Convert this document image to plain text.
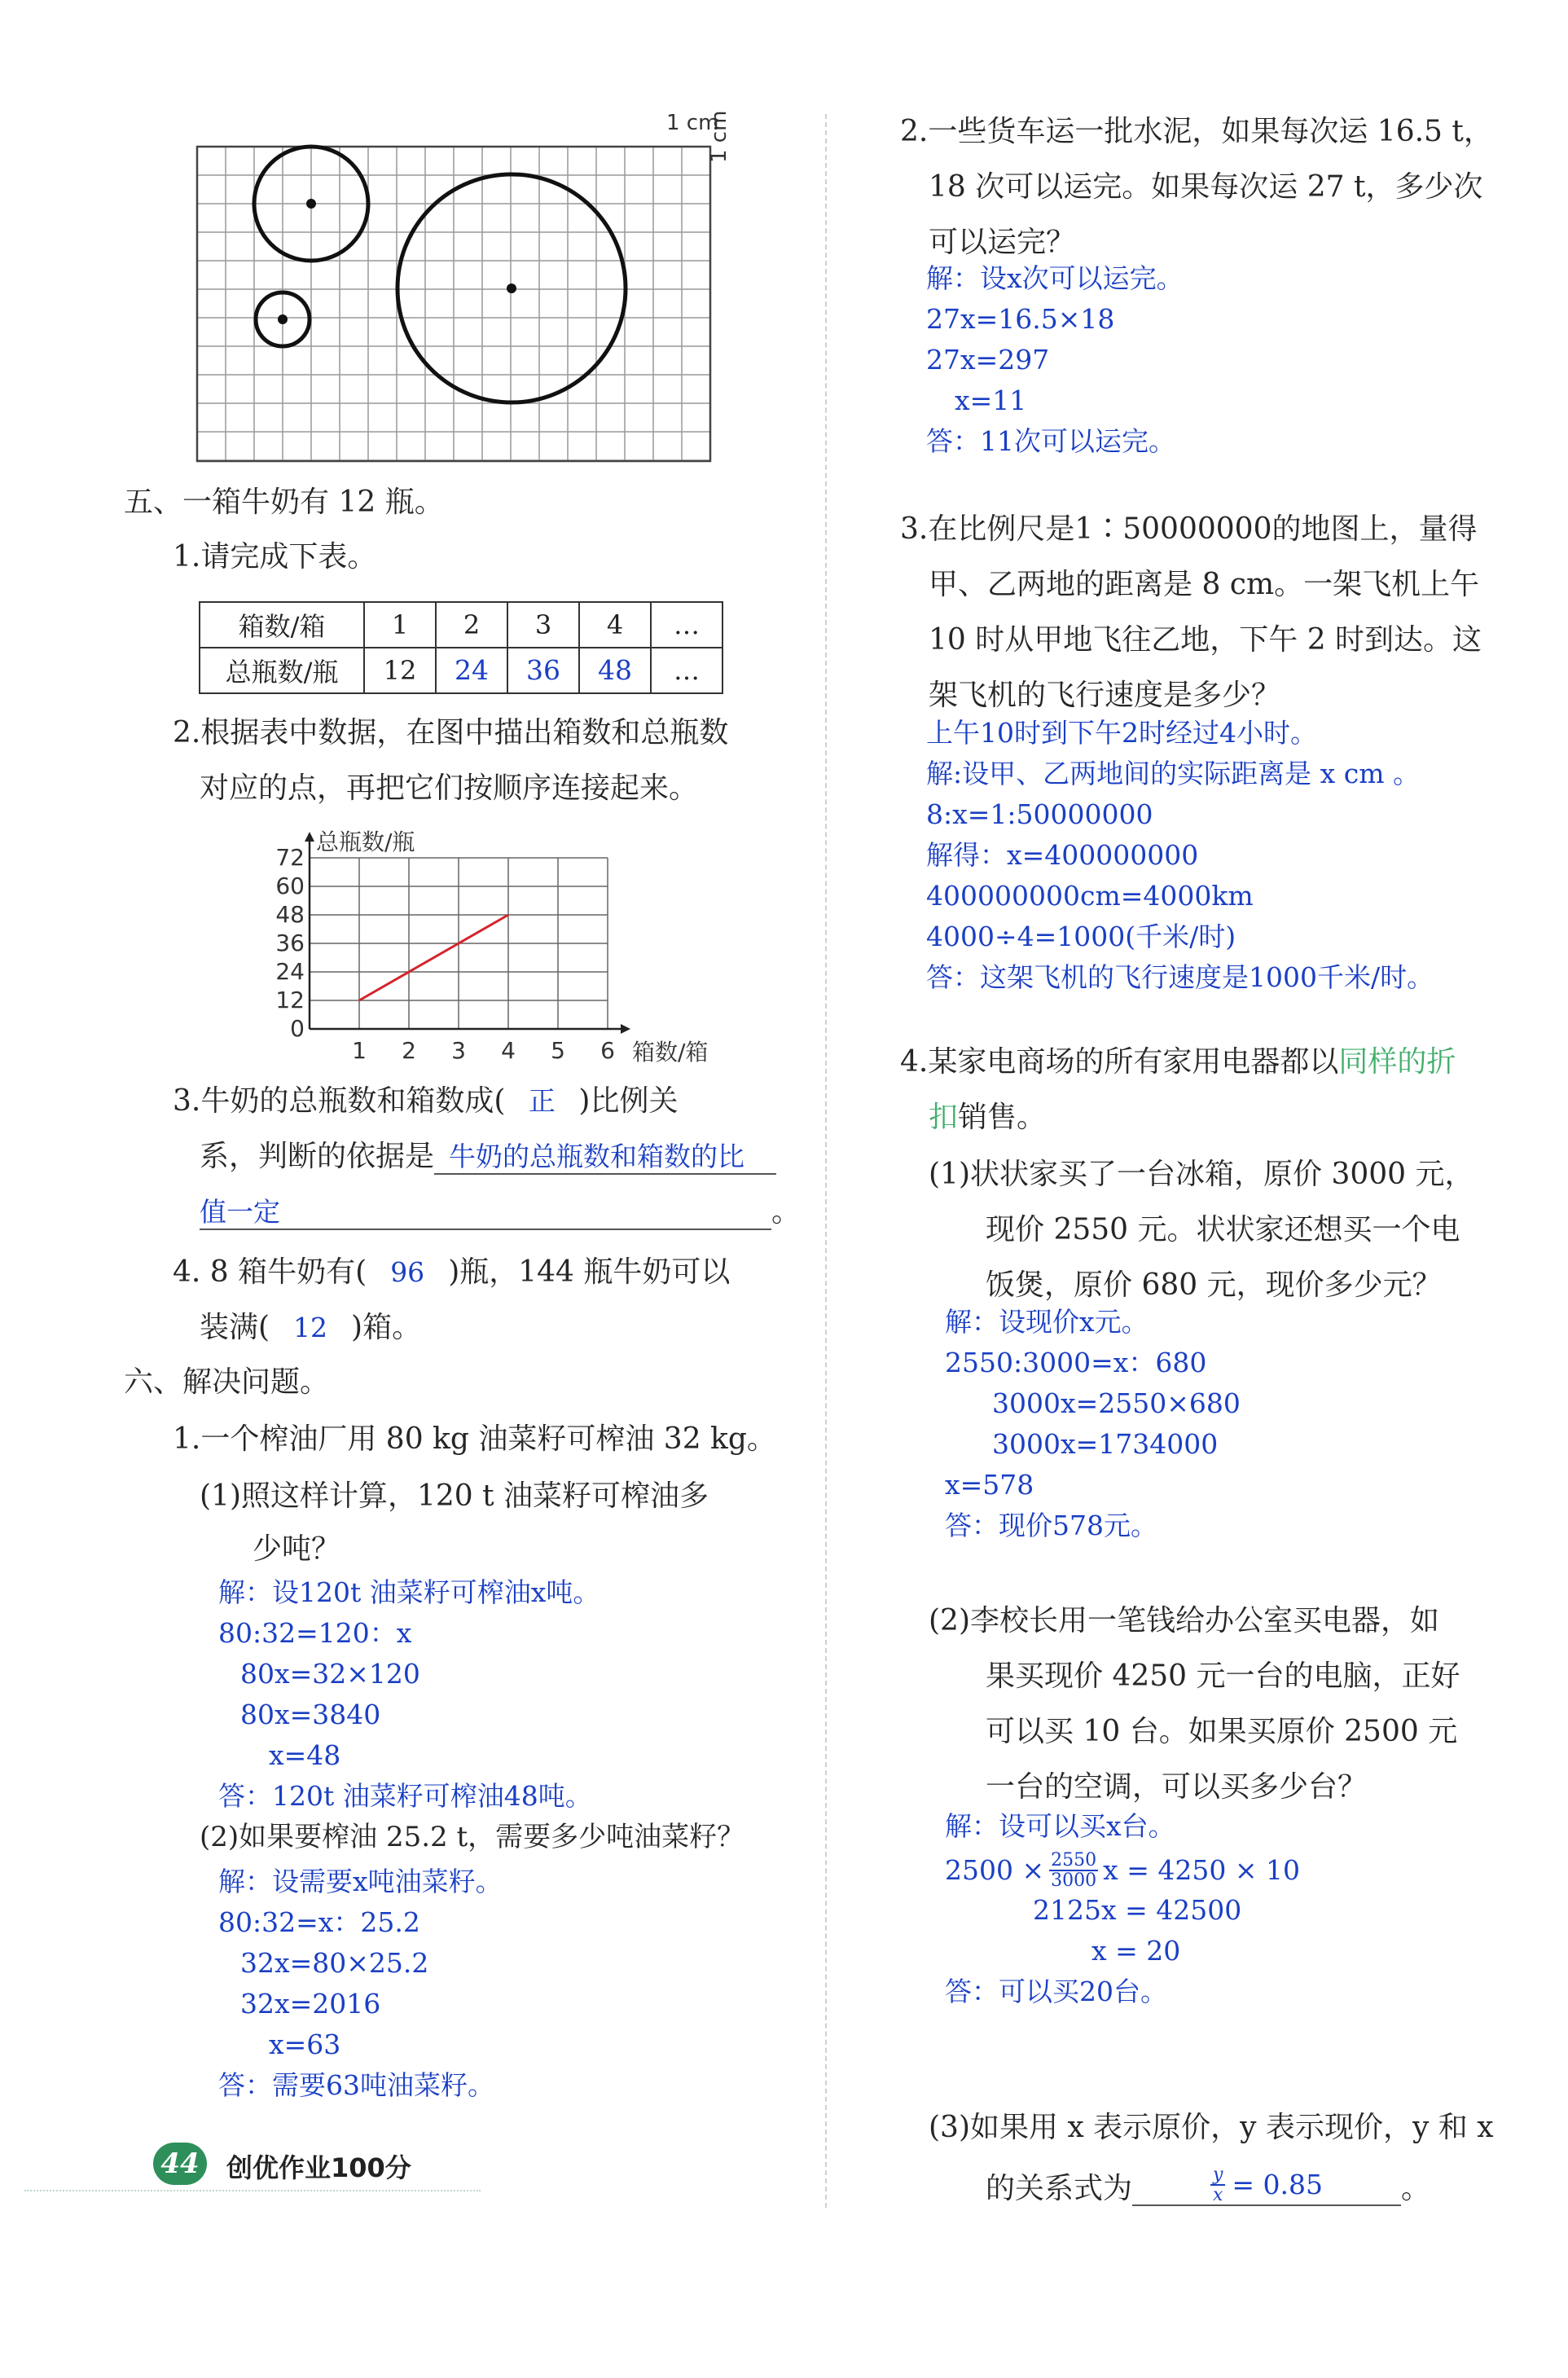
1 cm
1 cm
五、一箱牛奶有 12 瓶。
1.请完成下表。
箱数/箱	1	2	3	4	…
总瓶数/瓶	12	24	36	48	…
2.根据表中数据，在图中描出箱数和总瓶数
对应的点，再把它们按顺序连接起来。
0
12
24
36
48
60
72
1 2 3 4 5 6
总瓶数/瓶
箱数/箱
3.牛奶的总瓶数和箱数成( 正 )比例关
系，判断的依据是 牛奶的总瓶数和箱数的比
值一定	。
4. 8 箱牛奶有( 96 )瓶，144 瓶牛奶可以
装满( 12 )箱。
六、解决问题。
1.一个榨油厂用 80 kg 油菜籽可榨油 32 kg。
(1)照这样计算，120 t 油菜籽可榨油多
少吨？
解：设120t 油菜籽可榨油x吨。
80:32=120：x
80x=32×120
80x=3840
x=48
答：120t 油菜籽可榨油48吨。
(2)如果要榨油 25.2 t，需要多少吨油菜籽？
解：设需要x吨油菜籽。
80:32=x：25.2
32x=80×25.2
32x=2016
x=63
答：需要63吨油菜籽。
44 创优作业100分
2.一些货车运一批水泥，如果每次运 16.5 t，
18 次可以运完。如果每次运 27 t，多少次
可以运完？
解：设x次可以运完。
27x=16.5×18
27x=297
x=11
答：11次可以运完。
3.在比例尺是1∶50000000的地图上，量得
甲、乙两地的距离是 8 cm。一架飞机上午
10 时从甲地飞往乙地，下午 2 时到达。这
架飞机的飞行速度是多少？
上午10时到下午2时经过4小时。
解:设甲、乙两地间的实际距离是 x cm 。
8:x=1:50000000
解得：x=400000000
400000000cm=4000km
4000÷4=1000(千米/时)
答：这架飞机的飞行速度是1000千米/时。
4.某家电商场的所有家用电器都以同样的折
扣销售。
(1)状状家买了一台冰箱，原价 3000 元，
现价 2550 元。状状家还想买一个电
饭煲，原价 680 元，现价多少元？
解：设现价x元。
2550:3000=x：680
3000x=2550×680
3000x=1734000
x=578
答：现价578元。
(2)李校长用一笔钱给办公室买电器，如
果买现价 4250 元一台的电脑，正好
可以买 10 台。如果买原价 2500 元
一台的空调，可以买多少台？
解：设可以买x台。
$2500 \times \frac{2550}{3000}$ x = 4250 × 10
2125x = 42500
x = 20
答：可以买20台。
(3)如果用 x 表示原价，y 表示现价，y 和 x
的关系式为	$\frac{y}{x} = 0.85$	。
